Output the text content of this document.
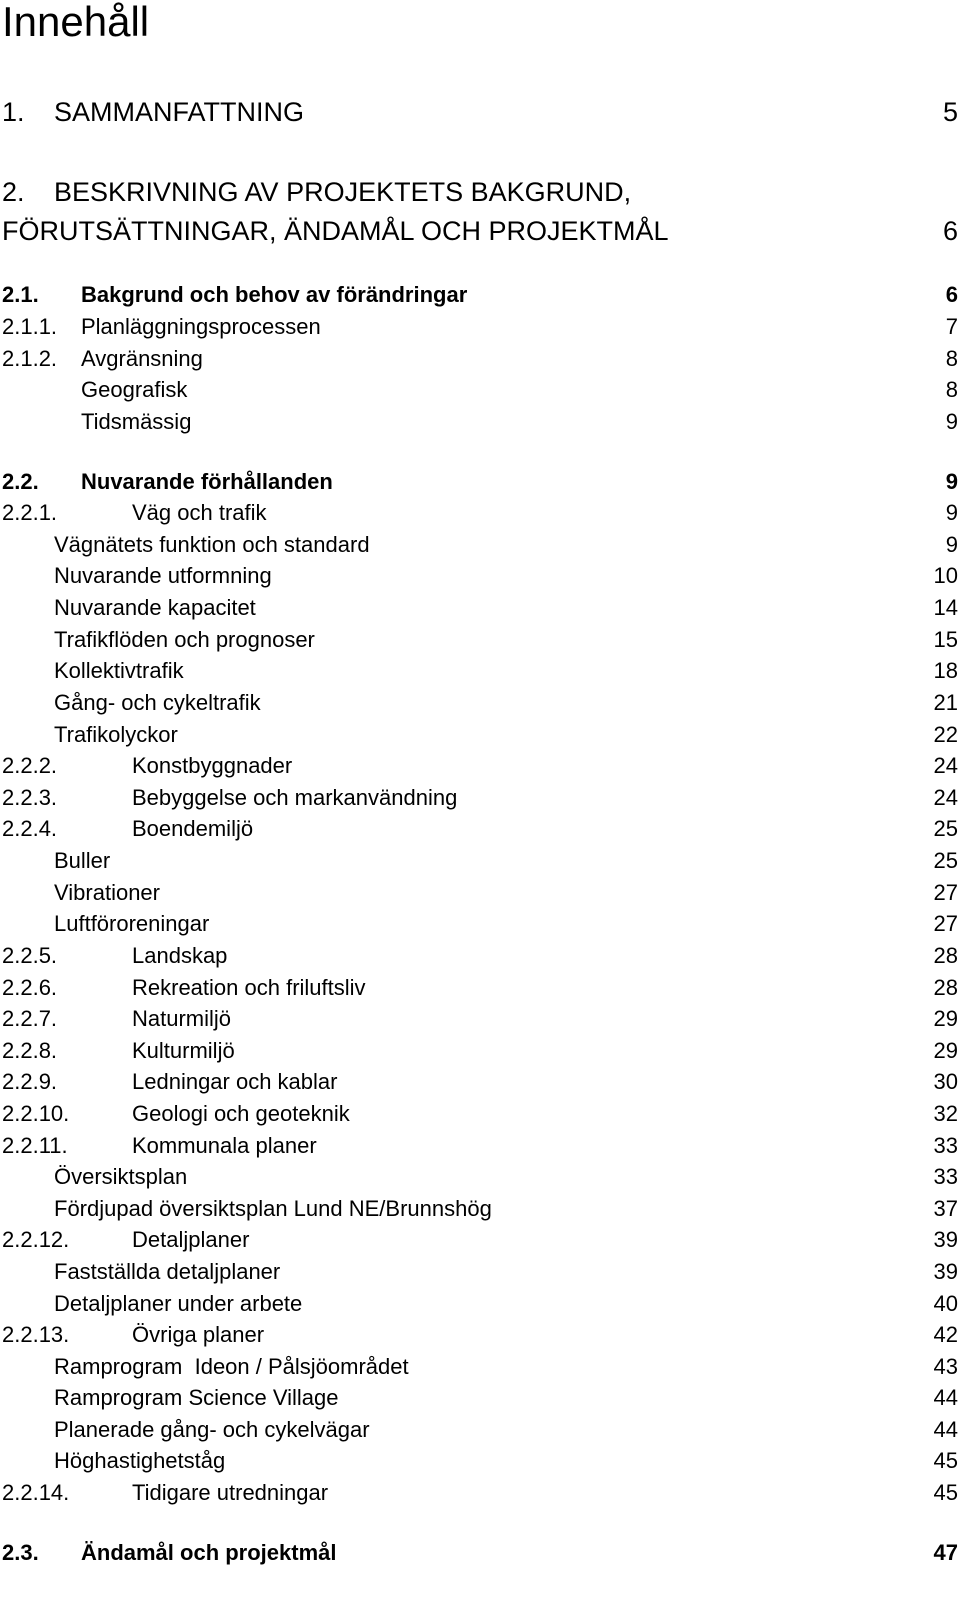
Innehåll
1. SAMMANFATTNING	5
2. BESKRIVNING AV PROJEKTETS BAKGRUND,
FÖRUTSÄTTNINGAR, ÄNDAMÅL OCH PROJEKTMÅL	6
2.1. Bakgrund och behov av förändringar	6
2.1.1. Planläggningsprocessen	7
2.1.2. Avgränsning	8
Geografisk	8
Tidsmässig	9
2.2. Nuvarande förhållanden	9
2.2.1.	Väg och trafik	9
Vägnätets funktion och standard	9
Nuvarande utformning	10
Nuvarande kapacitet	14
Trafikflöden och prognoser	15
Kollektivtrafik	18
Gång- och cykeltrafik	21
Trafikolyckor	22
2.2.2.	Konstbyggnader	24
2.2.3.	Bebyggelse och markanvändning	24
2.2.4.	Boendemiljö	25
Buller	25
Vibrationer	27
Luftföroreningar	27
2.2.5.	Landskap	28
2.2.6.	Rekreation och friluftsliv	28
2.2.7.	Naturmiljö	29
2.2.8.	Kulturmiljö	29
2.2.9.	Ledningar och kablar	30
2.2.10.	Geologi och geoteknik	32
2.2.11.	Kommunala planer	33
Översiktsplan	33
Fördjupad översiktsplan Lund NE/Brunnshög	37
2.2.12.	Detaljplaner	39
Fastställda detaljplaner	39
Detaljplaner under arbete	40
2.2.13.	Övriga planer	42
Ramprogram  Ideon / Pålsjöområdet	43
Ramprogram Science Village	44
Planerade gång- och cykelvägar	44
Höghastighetståg	45
2.2.14.	Tidigare utredningar	45
2.3. Ändamål och projektmål	47
